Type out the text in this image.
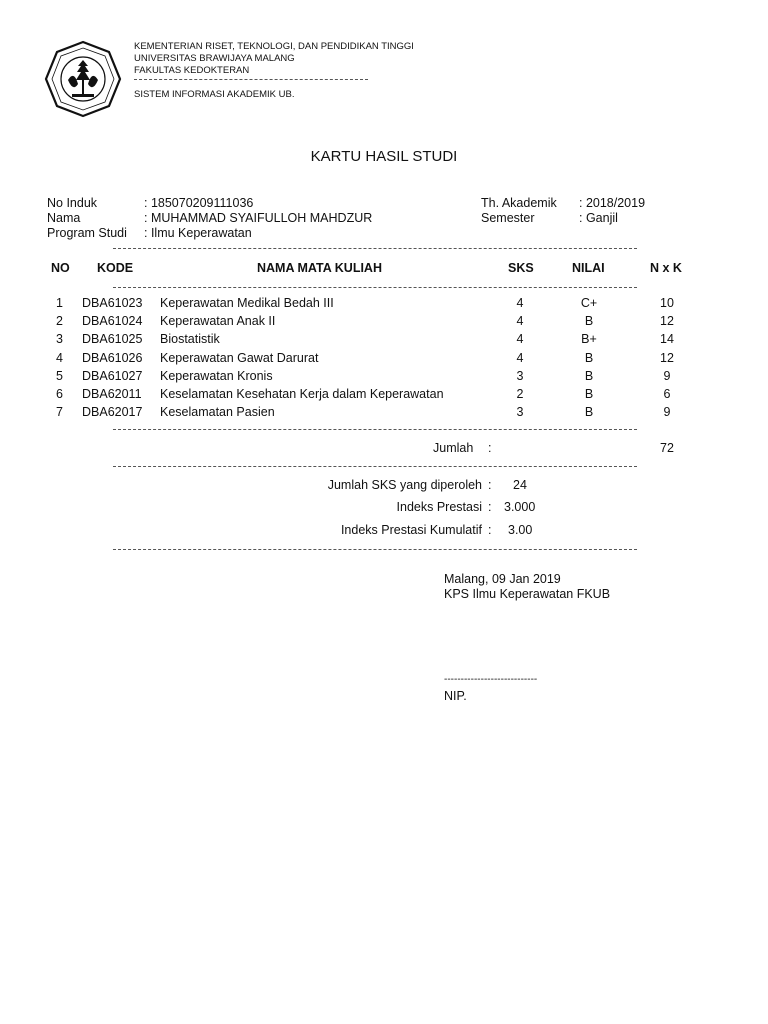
KEMENTERIAN RISET, TEKNOLOGI, DAN PENDIDIKAN TINGGI
UNIVERSITAS BRAWIJAYA MALANG
FAKULTAS KEDOKTERAN
SISTEM INFORMASI AKADEMIK UB.
KARTU HASIL STUDI
No Induk	: 185070209111036
Nama	: MUHAMMAD SYAIFULLOH MAHDZUR
Program Studi : Ilmu Keperawatan
Th. Akademik : 2018/2019
Semester	: Ganjil
NO KODE	NAMA MATA KULIAH	SKS	NILAI	N x K
1 DBA61023 Keperawatan Medikal Bedah III	4	C+	10
2 DBA61024 Keperawatan Anak II	4	B	12
3 DBA61025 Biostatistik	4	B+	14
4 DBA61026 Keperawatan Gawat Darurat	4	B	12
5 DBA61027 Keperawatan Kronis	3	B	9
6 DBA62011 Keselamatan Kesehatan Kerja dalam Keperawatan	2	B	6
7 DBA62017 Keselamatan Pasien	3	B	9
Jumlah :	72
Jumlah SKS yang diperoleh : 24
Indeks Prestasi : 3.000
Indeks Prestasi Kumulatif : 3.00
Malang, 09 Jan 2019
KPS Ilmu Keperawatan FKUB
----------------------------
NIP.
